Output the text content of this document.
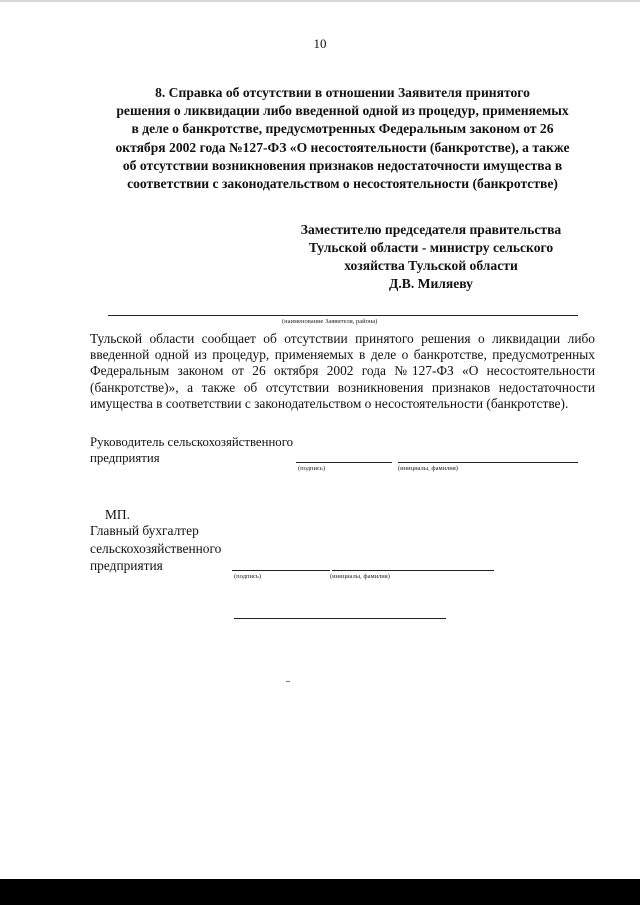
10
8. Справка об отсутствии в отношении Заявителя принятого
решения о ликвидации либо введенной одной из процедур, применяемых
в деле о банкротстве, предусмотренных Федеральным законом от 26
октября 2002 года №127-ФЗ «О несостоятельности (банкротстве), а также
об отсутствии возникновения признаков недостаточности имущества в
соответствии с законодательством о несостоятельности (банкротстве)
Заместителю председателя правительства
Тульской области - министру сельского
хозяйства Тульской области
Д.В. Миляеву
(наименование Заявителя, района)
Тульской области сообщает об отсутствии принятого решения о ликвидации либо введенной одной из процедур, применяемых в деле о банкротстве, предусмотренных Федеральным законом от 26 октября 2002 года №127-ФЗ «О несостоятельности (банкротстве)», а также об отсутствии возникновения признаков недостаточности имущества в соответствии с законодательством о несостоятельности (банкротстве).
Руководитель сельскохозяйственного
предприятия
(подпись)	(инициалы, фамилия)
МП.
Главный бухгалтер
сельскохозяйственного
предприятия
(подпись)	(инициалы, фамилия)
